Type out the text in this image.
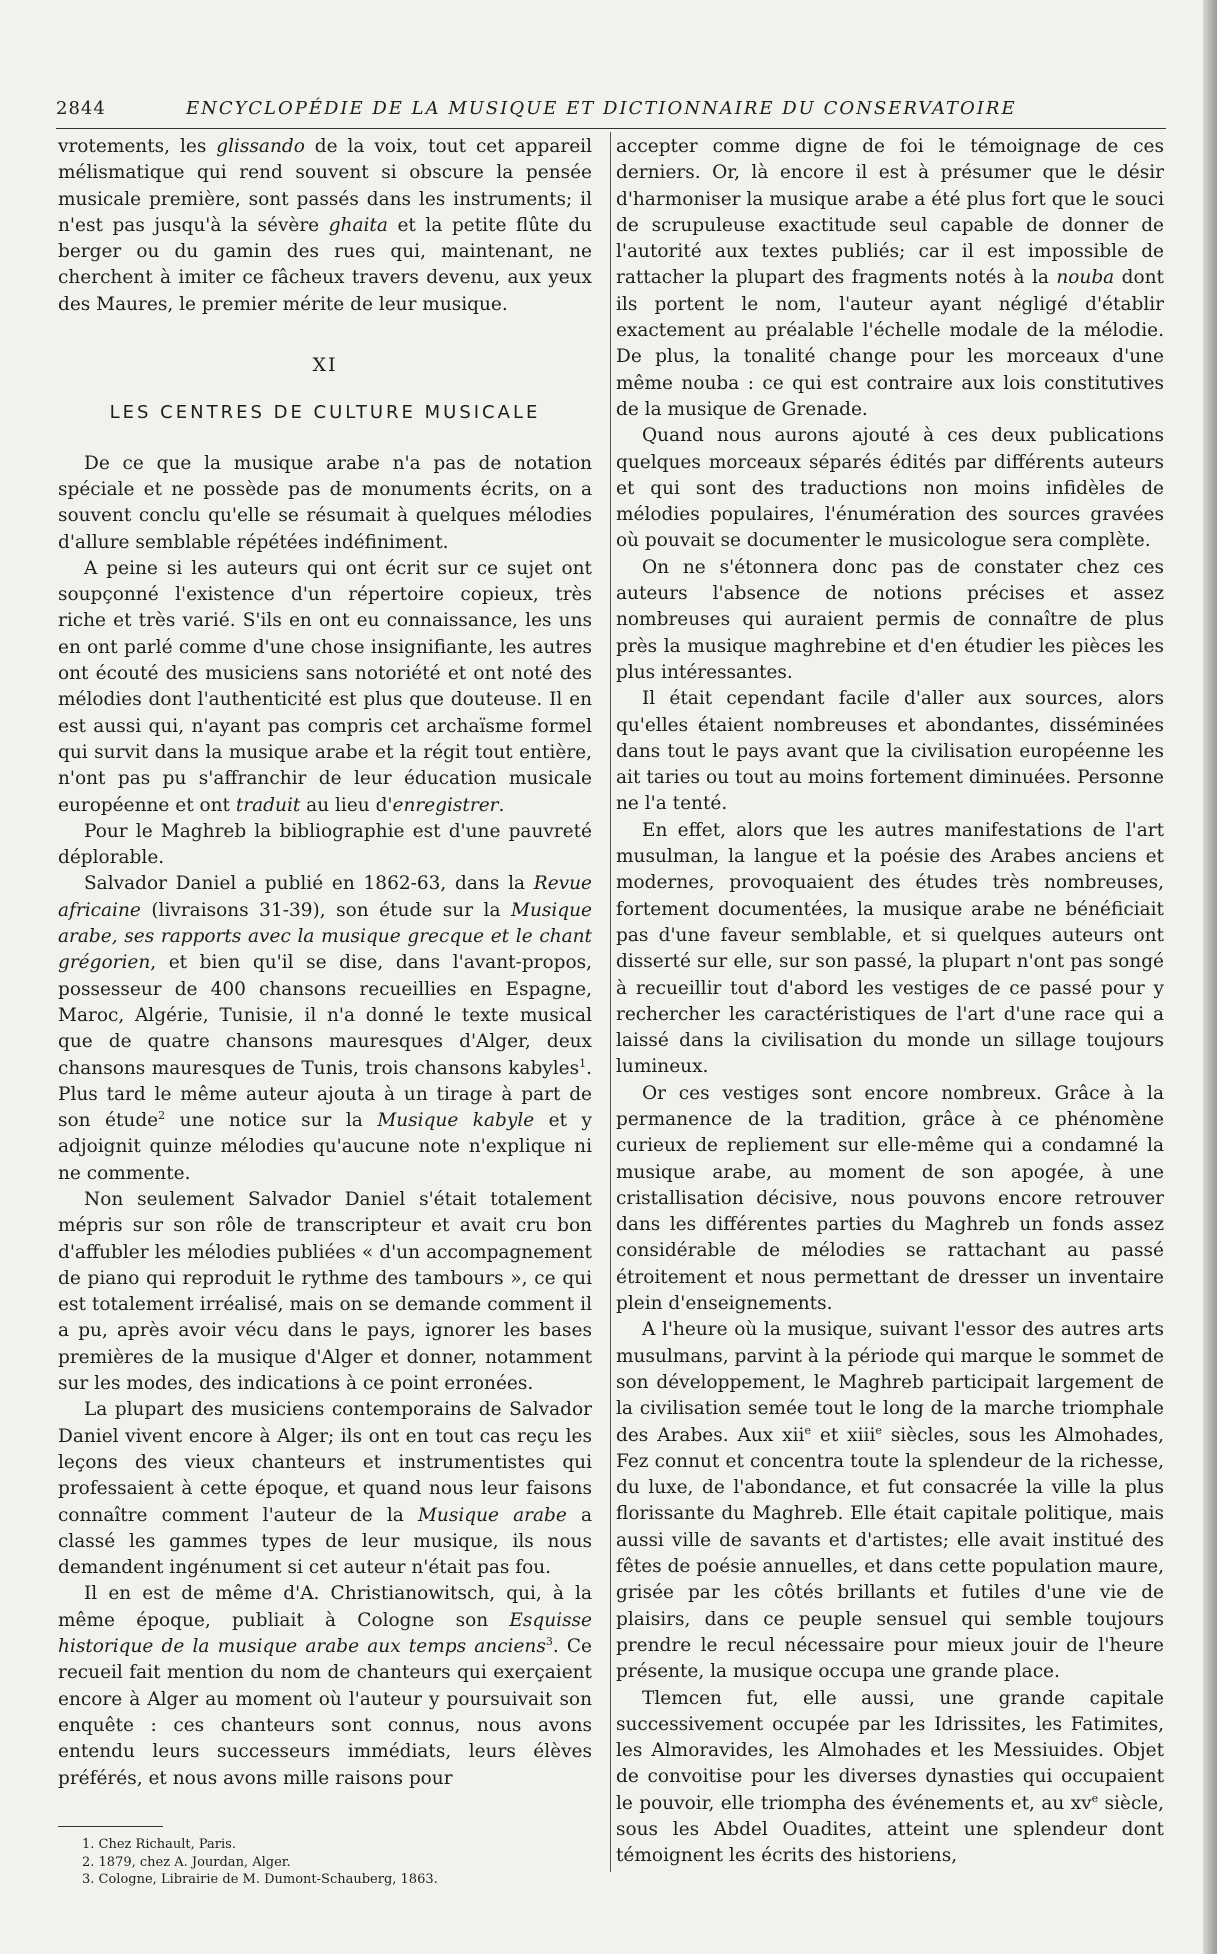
2844	ENCYCLOPÉDIE DE LA MUSIQUE ET DICTIONNAIRE DU CONSERVATOIRE

vrotements, les glissando de la voix, tout cet appareil mélismatique qui rend souvent si obscure la pensée musicale première, sont passés dans les instruments; il n'est pas jusqu'à la sévère ghaita et la petite flûte du berger ou du gamin des rues qui, maintenant, ne cherchent à imiter ce fâcheux travers devenu, aux yeux des Maures, le premier mérite de leur musique.

XI
LES CENTRES DE CULTURE MUSICALE

De ce que la musique arabe n'a pas de notation spéciale et ne possède pas de monuments écrits, on a souvent conclu qu'elle se résumait à quelques mélodies d'allure semblable répétées indéfiniment.

A peine si les auteurs qui ont écrit sur ce sujet ont soupçonné l'existence d'un répertoire copieux, très riche et très varié. S'ils en ont eu connaissance, les uns en ont parlé comme d'une chose insignifiante, les autres ont écouté des musiciens sans notoriété et ont noté des mélodies dont l'authenticité est plus que douteuse. Il en est aussi qui, n'ayant pas compris cet archaïsme formel qui survit dans la musique arabe et la régit tout entière, n'ont pas pu s'affranchir de leur éducation musicale européenne et ont traduit au lieu d'enregistrer.

Pour le Maghreb la bibliographie est d'une pauvreté déplorable.

Salvador Daniel a publié en 1862-63, dans la Revue africaine (livraisons 31-39), son étude sur la Musique arabe, ses rapports avec la musique grecque et le chant grégorien, et bien qu'il se dise, dans l'avant-propos, possesseur de 400 chansons recueillies en Espagne, Maroc, Algérie, Tunisie, il n'a donné le texte musical que de quatre chansons mauresques d'Alger, deux chansons mauresques de Tunis, trois chansons kabyles$^1$. Plus tard le même auteur ajouta à un tirage à part de son étude$^2$ une notice sur la Musique kabyle et y adjoignit quinze mélodies qu'aucune note n'explique ni ne commente.

Non seulement Salvador Daniel s'était totalement mépris sur son rôle de transcripteur et avait cru bon d'affubler les mélodies publiées « d'un accompagnement de piano qui reproduit le rythme des tambours », ce qui est totalement irréalisé, mais on se demande comment il a pu, après avoir vécu dans le pays, ignorer les bases premières de la musique d'Alger et donner, notamment sur les modes, des indications à ce point erronées.

La plupart des musiciens contemporains de Salvador Daniel vivent encore à Alger; ils ont en tout cas reçu les leçons des vieux chanteurs et instrumentistes qui professaient à cette époque, et quand nous leur faisons connaître comment l'auteur de la Musique arabe a classé les gammes types de leur musique, ils nous demandent ingénument si cet auteur n'était pas fou.

Il en est de même d'A. Christianowitsch, qui, à la même époque, publiait à Cologne son Esquisse historique de la musique arabe aux temps anciens$^3$. Ce recueil fait mention du nom de chanteurs qui exerçaient encore à Alger au moment où l'auteur y poursuivait son enquête : ces chanteurs sont connus, nous avons entendu leurs successeurs immédiats, leurs élèves préférés, et nous avons mille raisons pour

1. Chez Richault, Paris.
2. 1879, chez A. Jourdan, Alger.
3. Cologne, Librairie de M. Dumont-Schauberg, 1863.

accepter comme digne de foi le témoignage de ces derniers. Or, là encore il est à présumer que le désir d'harmoniser la musique arabe a été plus fort que le souci de scrupuleuse exactitude seul capable de donner de l'autorité aux textes publiés; car il est impossible de rattacher la plupart des fragments notés à la nouba dont ils portent le nom, l'auteur ayant négligé d'établir exactement au préalable l'échelle modale de la mélodie. De plus, la tonalité change pour les morceaux d'une même nouba : ce qui est contraire aux lois constitutives de la musique de Grenade.

Quand nous aurons ajouté à ces deux publications quelques morceaux séparés édités par différents auteurs et qui sont des traductions non moins infidèles de mélodies populaires, l'énumération des sources gravées où pouvait se documenter le musicologue sera complète.

On ne s'étonnera donc pas de constater chez ces auteurs l'absence de notions précises et assez nombreuses qui auraient permis de connaître de plus près la musique maghrebine et d'en étudier les pièces les plus intéressantes.

Il était cependant facile d'aller aux sources, alors qu'elles étaient nombreuses et abondantes, disséminées dans tout le pays avant que la civilisation européenne les ait taries ou tout au moins fortement diminuées. Personne ne l'a tenté.

En effet, alors que les autres manifestations de l'art musulman, la langue et la poésie des Arabes anciens et modernes, provoquaient des études très nombreuses, fortement documentées, la musique arabe ne bénéficiait pas d'une faveur semblable, et si quelques auteurs ont disserté sur elle, sur son passé, la plupart n'ont pas songé à recueillir tout d'abord les vestiges de ce passé pour y rechercher les caractéristiques de l'art d'une race qui a laissé dans la civilisation du monde un sillage toujours lumineux.

Or ces vestiges sont encore nombreux. Grâce à la permanence de la tradition, grâce à ce phénomène curieux de repliement sur elle-même qui a condamné la musique arabe, au moment de son apogée, à une cristallisation décisive, nous pouvons encore retrouver dans les différentes parties du Maghreb un fonds assez considérable de mélodies se rattachant au passé étroitement et nous permettant de dresser un inventaire plein d'enseignements.

A l'heure où la musique, suivant l'essor des autres arts musulmans, parvint à la période qui marque le sommet de son développement, le Maghreb participait largement de la civilisation semée tout le long de la marche triomphale des Arabes. Aux xii$^e$ et xiii$^e$ siècles, sous les Almohades, Fez connut et concentra toute la splendeur de la richesse, du luxe, de l'abondance, et fut consacrée la ville la plus florissante du Maghreb. Elle était capitale politique, mais aussi ville de savants et d'artistes; elle avait institué des fêtes de poésie annuelles, et dans cette population maure, grisée par les côtés brillants et futiles d'une vie de plaisirs, dans ce peuple sensuel qui semble toujours prendre le recul nécessaire pour mieux jouir de l'heure présente, la musique occupa une grande place.

Tlemcen fut, elle aussi, une grande capitale successivement occupée par les Idrissites, les Fatimites, les Almoravides, les Almohades et les Messiuides. Objet de convoitise pour les diverses dynasties qui occupaient le pouvoir, elle triompha des événements et, au $xv^e$ siècle, sous les Abdel Ouadites, atteint une splendeur dont témoignent les écrits des historiens,
